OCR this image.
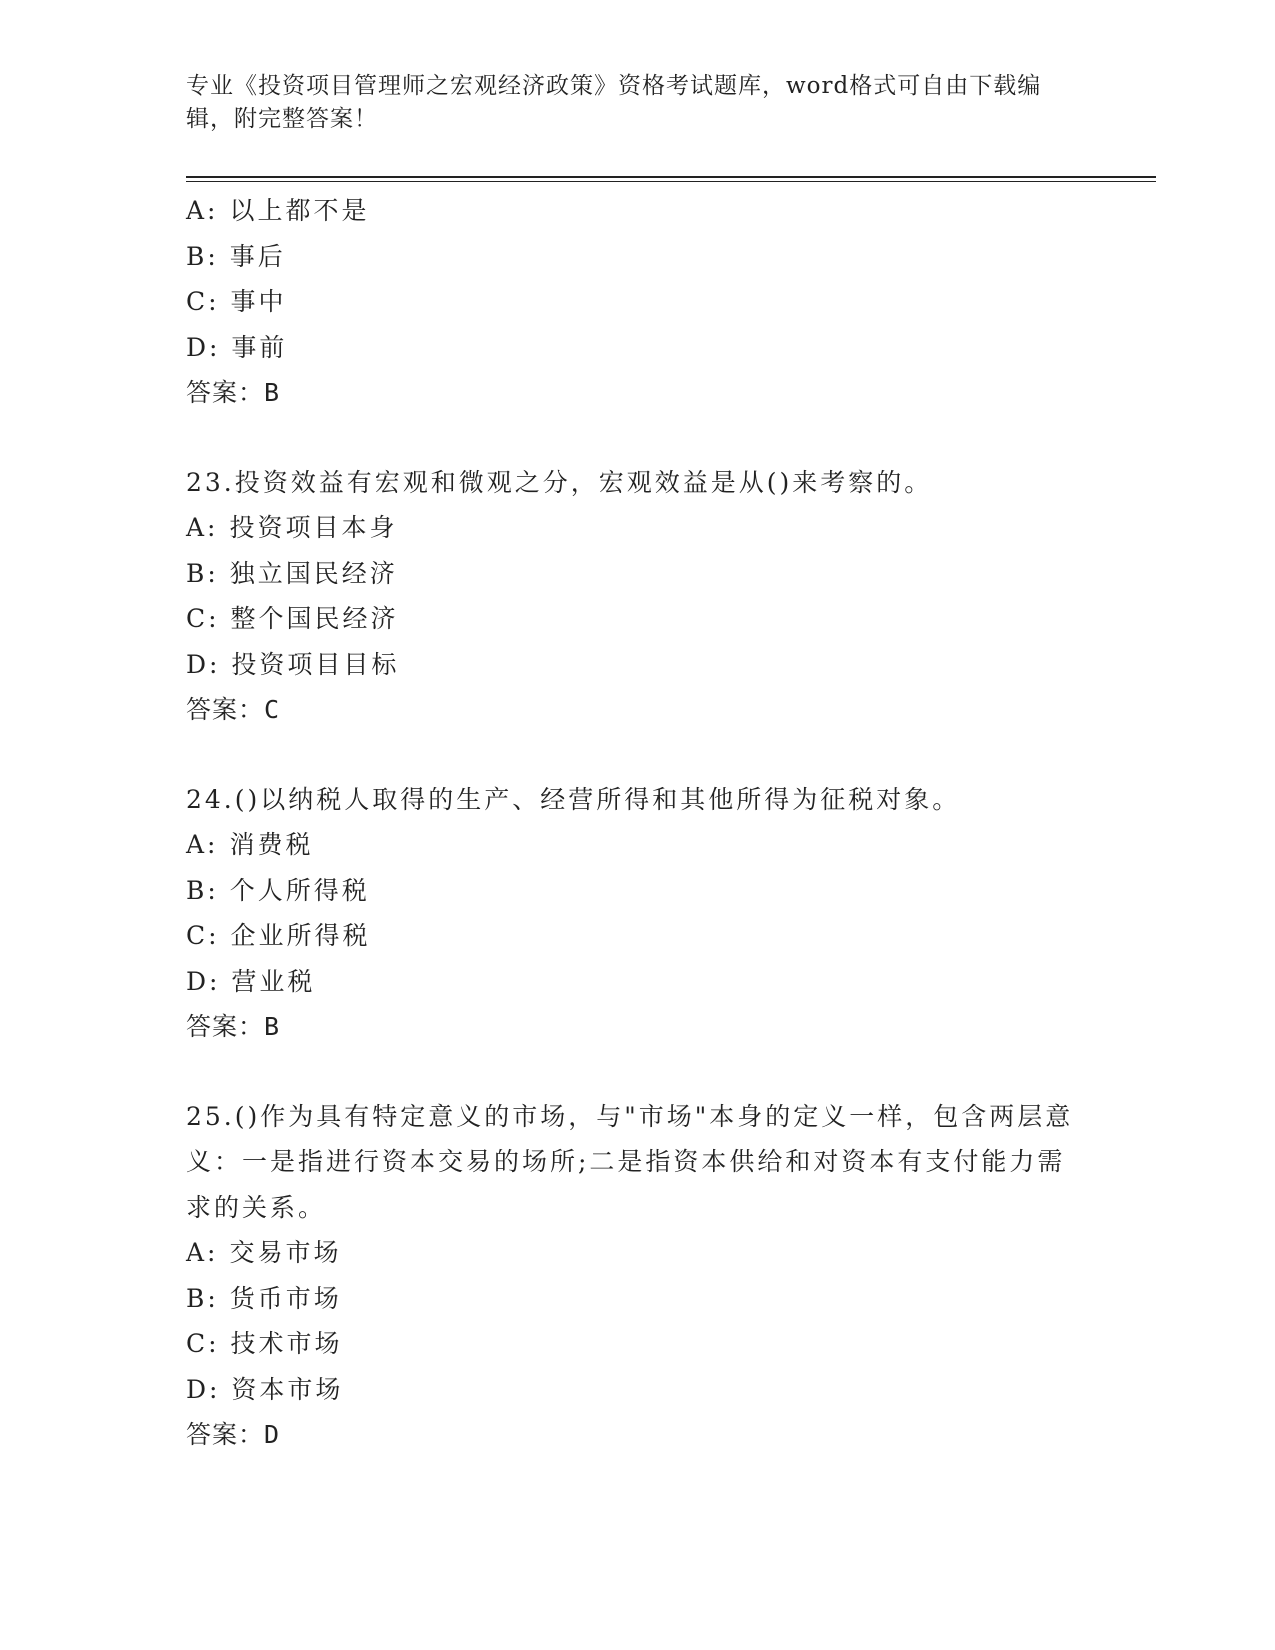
专业《投资项目管理师之宏观经济政策》资格考试题库，word格式可自由下载编辑，附完整答案！
A: 以上都不是
B: 事后
C: 事中
D: 事前
答案：B
23.投资效益有宏观和微观之分，宏观效益是从()来考察的。
A: 投资项目本身
B: 独立国民经济
C: 整个国民经济
D: 投资项目目标
答案：C
24.()以纳税人取得的生产、经营所得和其他所得为征税对象。
A: 消费税
B: 个人所得税
C: 企业所得税
D: 营业税
答案：B
25.()作为具有特定意义的市场，与"市场"本身的定义一样，包含两层意义：一是指进行资本交易的场所;二是指资本供给和对资本有支付能力需求的关系。
A: 交易市场
B: 货币市场
C: 技术市场
D: 资本市场
答案：D
